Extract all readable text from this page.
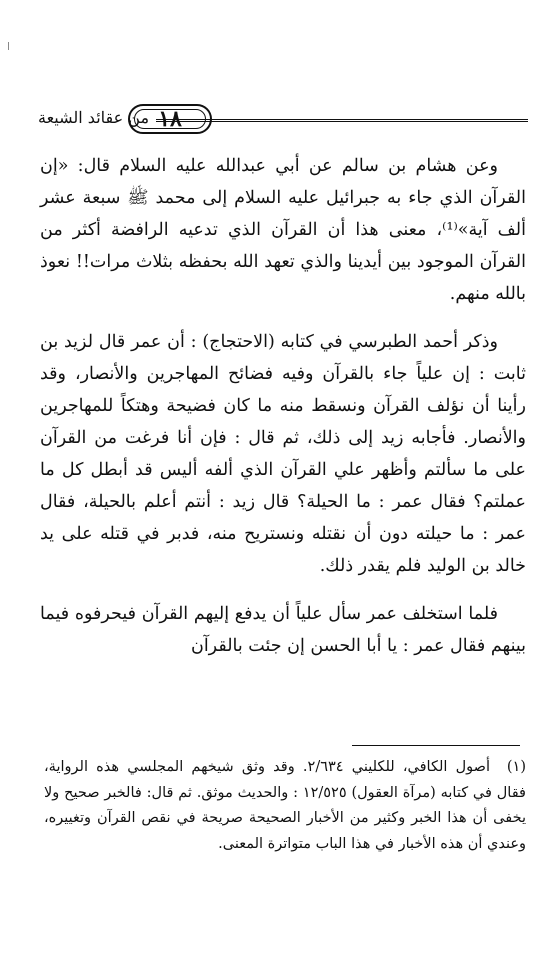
١٨
من عقائد الشيعة

وعن هشام بن سالم عن أبي عبدالله عليه السلام قال: «إن القرآن الذي جاء به جبرائيل عليه السلام إلى محمد ﷺ سبعة عشر ألف آية»⁽¹⁾، معنى هذا أن القرآن الذي تدعيه الرافضة أكثر من القرآن الموجود بين أيدينا والذي تعهد الله بحفظه بثلاث مرات!! نعوذ بالله منهم.

وذكر أحمد الطبرسي في كتابه (الاحتجاج) : أن عمر قال لزيد بن ثابت : إن علياً جاء بالقرآن وفيه فضائح المهاجرين والأنصار، وقد رأينا أن نؤلف القرآن ونسقط منه ما كان فضيحة وهتكاً للمهاجرين والأنصار. فأجابه زيد إلى ذلك، ثم قال : فإن أنا فرغت من القرآن على ما سألتم وأظهر علي القرآن الذي ألفه أليس قد أبطل كل ما عملتم؟ فقال عمر : ما الحيلة؟ قال زيد : أنتم أعلم بالحيلة، فقال عمر : ما حيلته دون أن نقتله ونستريح منه، فدبر في قتله على يد خالد بن الوليد فلم يقدر ذلك.

فلما استخلف عمر سأل علياً أن يدفع إليهم القرآن فيحرفوه فيما بينهم فقال عمر : يا أبا الحسن إن جئت بالقرآن

(١)أصول الكافي، للكليني ٢/٦٣٤. وقد وثق شيخهم المجلسي هذه الرواية، فقال في كتابه (مرآة العقول) ١٢/٥٢٥ : والحديث موثق. ثم قال: فالخبر صحيح ولا يخفى أن هذا الخبر وكثير من الأخبار الصحيحة صريحة في نقص القرآن وتغييره، وعندي أن هذه الأخبار في هذا الباب متواترة المعنى.
